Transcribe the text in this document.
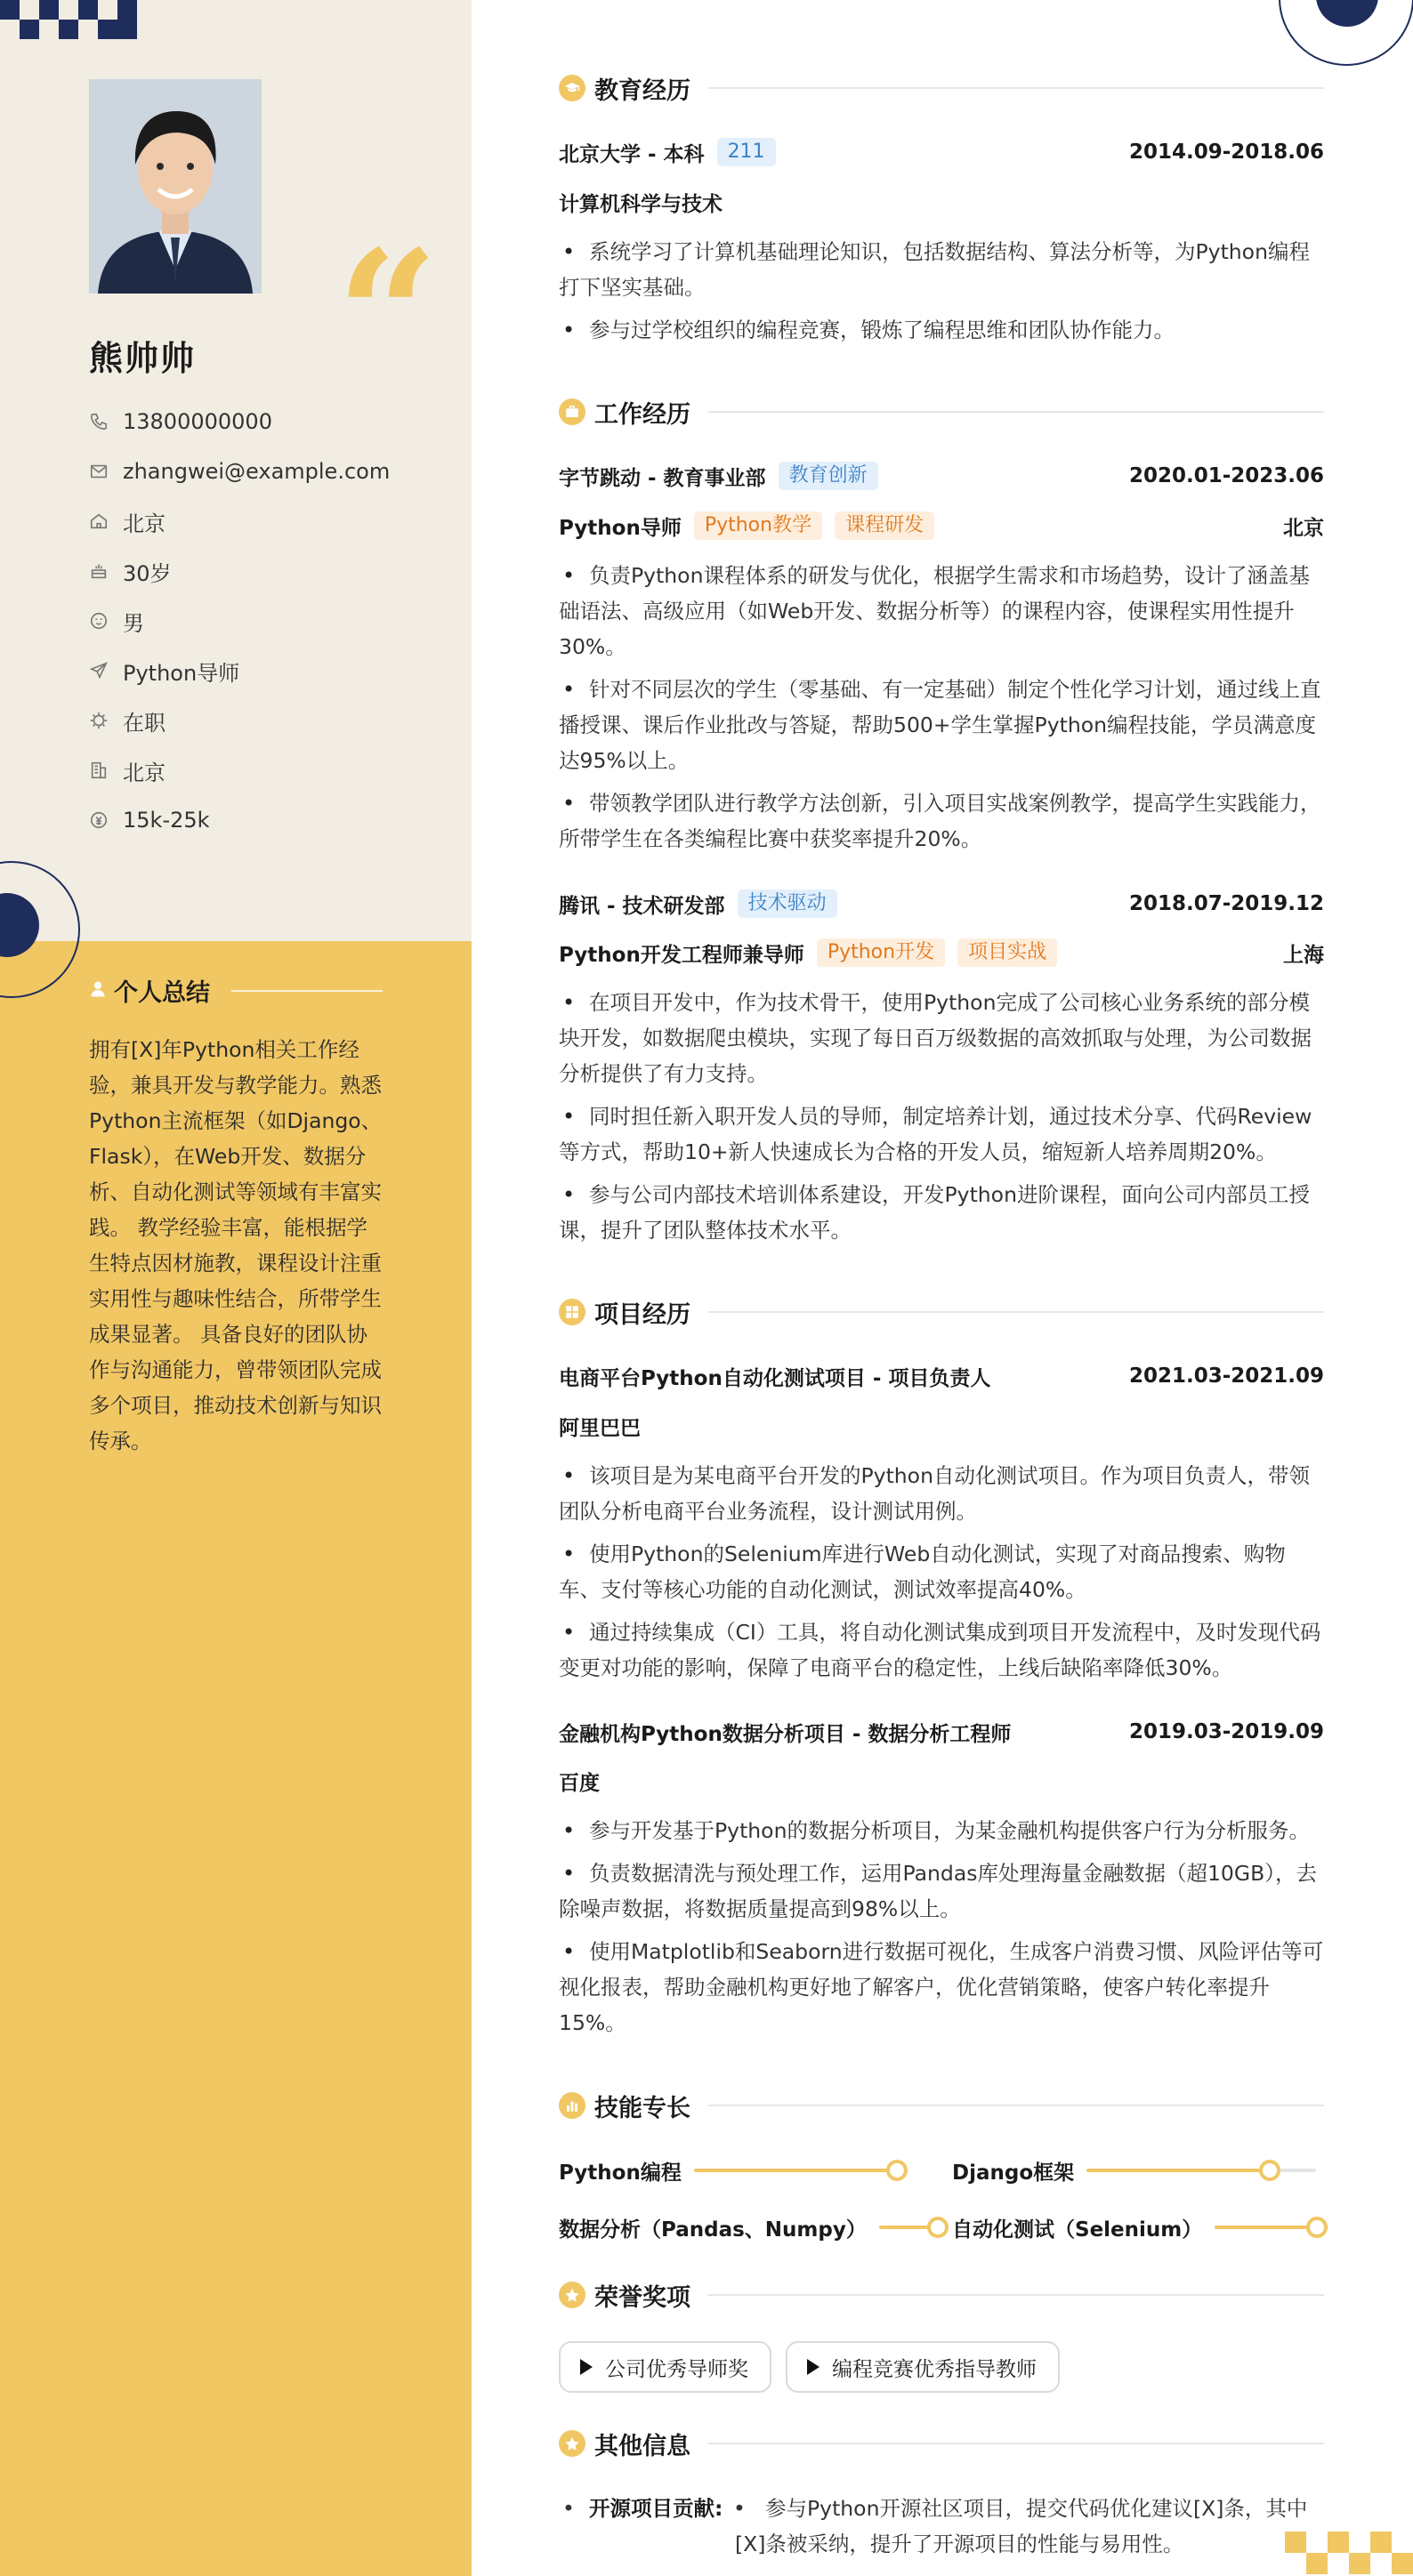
“
熊帅帅
13800000000
zhangwei@example.com
北京
30岁
男
Python导师
在职
北京
15k-25k
个人总结
拥有[X]年Python相关工作经验，兼具开发与教学能力。熟悉Python主流框架（如Django、Flask），在Web开发、数据分析、自动化测试等领域有丰富实践。 教学经验丰富，能根据学生特点因材施教，课程设计注重实用性与趣味性结合，所带学生成果显著。 具备良好的团队协作与沟通能力，曾带领团队完成多个项目，推动技术创新与知识传承。
教育经历
北京大学 - 本科	211	2014.09-2018.06
计算机科学与技术
• 系统学习了计算机基础理论知识，包括数据结构、算法分析等，为Python编程打下坚实基础。
• 参与过学校组织的编程竞赛，锻炼了编程思维和团队协作能力。
工作经历
字节跳动 - 教育事业部	教育创新	2020.01-2023.06
Python导师	Python教学	课程研发	北京
• 负责Python课程体系的研发与优化，根据学生需求和市场趋势，设计了涵盖基础语法、高级应用（如Web开发、数据分析等）的课程内容，使课程实用性提升30%。
• 针对不同层次的学生（零基础、有一定基础）制定个性化学习计划，通过线上直播授课、课后作业批改与答疑，帮助500+学生掌握Python编程技能，学员满意度达95%以上。
• 带领教学团队进行教学方法创新，引入项目实战案例教学，提高学生实践能力，所带学生在各类编程比赛中获奖率提升20%。
腾讯 - 技术研发部	技术驱动	2018.07-2019.12
Python开发工程师兼导师	Python开发	项目实战	上海
• 在项目开发中，作为技术骨干，使用Python完成了公司核心业务系统的部分模块开发，如数据爬虫模块，实现了每日百万级数据的高效抓取与处理，为公司数据分析提供了有力支持。
• 同时担任新入职开发人员的导师，制定培养计划，通过技术分享、代码Review等方式，帮助10+新人快速成长为合格的开发人员，缩短新人培养周期20%。
• 参与公司内部技术培训体系建设，开发Python进阶课程，面向公司内部员工授课，提升了团队整体技术水平。
项目经历
电商平台Python自动化测试项目 - 项目负责人	2021.03-2021.09
阿里巴巴
• 该项目是为某电商平台开发的Python自动化测试项目。作为项目负责人，带领团队分析电商平台业务流程，设计测试用例。
• 使用Python的Selenium库进行Web自动化测试，实现了对商品搜索、购物车、支付等核心功能的自动化测试，测试效率提高40%。
• 通过持续集成（CI）工具，将自动化测试集成到项目开发流程中，及时发现代码变更对功能的影响，保障了电商平台的稳定性，上线后缺陷率降低30%。
金融机构Python数据分析项目 - 数据分析工程师	2019.03-2019.09
百度
• 参与开发基于Python的数据分析项目，为某金融机构提供客户行为分析服务。
• 负责数据清洗与预处理工作，运用Pandas库处理海量金融数据（超10GB），去除噪声数据，将数据质量提高到98%以上。
• 使用Matplotlib和Seaborn进行数据可视化，生成客户消费习惯、风险评估等可视化报表，帮助金融机构更好地了解客户，优化营销策略，使客户转化率提升15%。
技能专长
Python编程	Django框架
数据分析（Pandas、Numpy）	自动化测试（Selenium）
荣誉奖项
公司优秀导师奖	编程竞赛优秀指导教师
其他信息
• 开源项目贡献: • 参与Python开源社区项目，提交代码优化建议[X]条，其中[X]条被采纳，提升了开源项目的性能与易用性。
